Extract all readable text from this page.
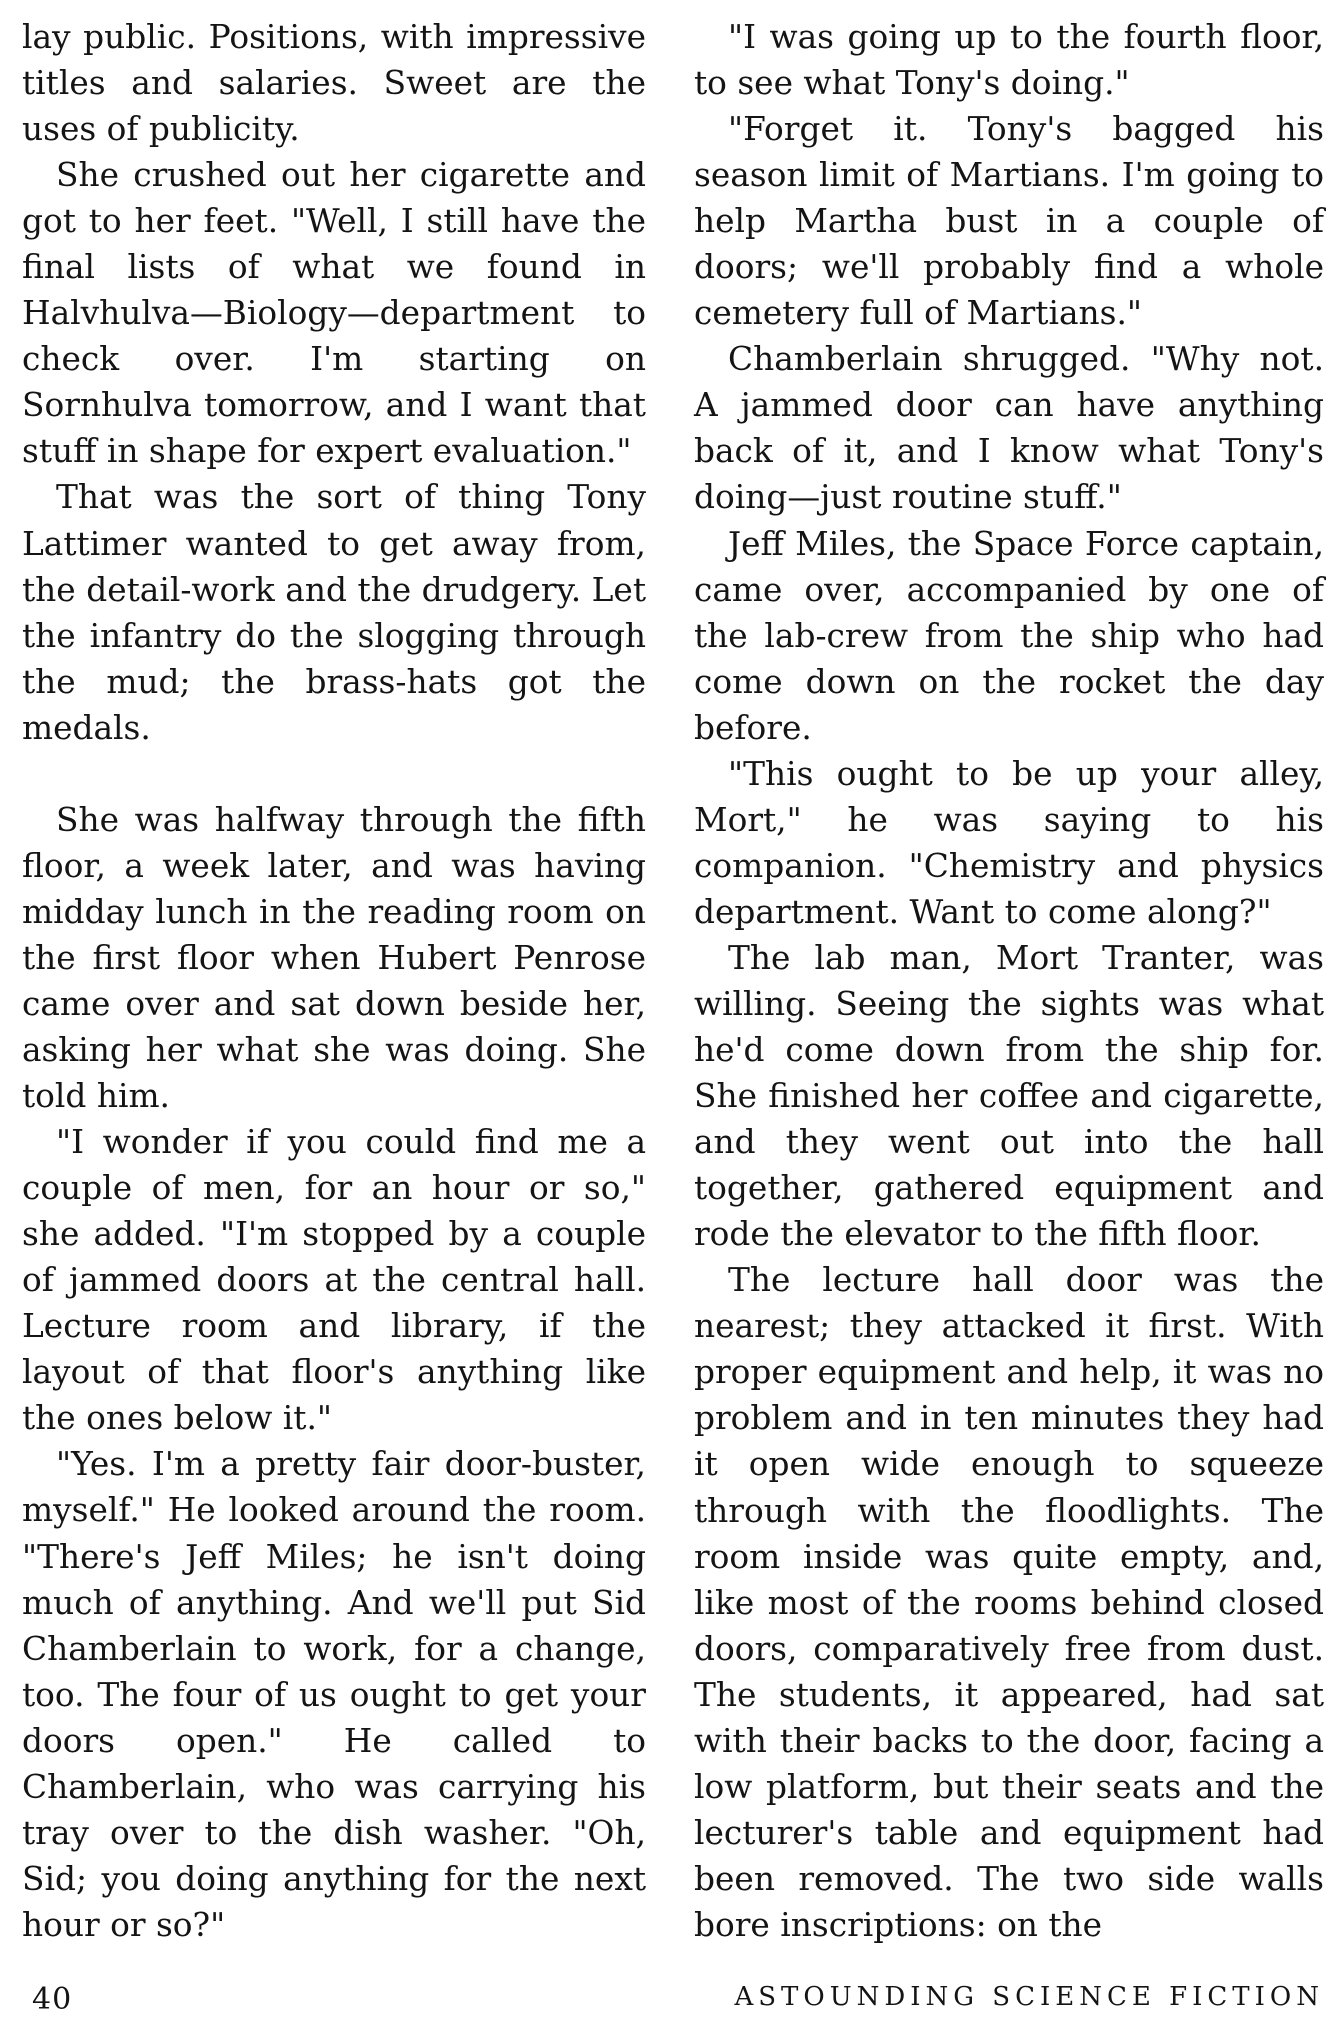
lay public. Positions, with impressive titles and salaries. Sweet are the uses of publicity.

She crushed out her cigarette and got to her feet. "Well, I still have the final lists of what we found in Halvhulva—Biology—department to check over. I'm starting on Sornhulva tomorrow, and I want that stuff in shape for expert evaluation."

That was the sort of thing Tony Lattimer wanted to get away from, the detail-work and the drudgery. Let the infantry do the slogging through the mud; the brass-hats got the medals.

She was halfway through the fifth floor, a week later, and was having midday lunch in the reading room on the first floor when Hubert Penrose came over and sat down beside her, asking her what she was doing. She told him.

"I wonder if you could find me a couple of men, for an hour or so," she added. "I'm stopped by a couple of jammed doors at the central hall. Lecture room and library, if the layout of that floor's anything like the ones below it."

"Yes. I'm a pretty fair door-buster, myself." He looked around the room. "There's Jeff Miles; he isn't doing much of anything. And we'll put Sid Chamberlain to work, for a change, too. The four of us ought to get your doors open." He called to Chamberlain, who was carrying his tray over to the dish washer. "Oh, Sid; you doing anything for the next hour or so?"

"I was going up to the fourth floor, to see what Tony's doing."

"Forget it. Tony's bagged his season limit of Martians. I'm going to help Martha bust in a couple of doors; we'll probably find a whole cemetery full of Martians."

Chamberlain shrugged. "Why not. A jammed door can have anything back of it, and I know what Tony's doing—just routine stuff."

Jeff Miles, the Space Force captain, came over, accompanied by one of the lab-crew from the ship who had come down on the rocket the day before.

"This ought to be up your alley, Mort," he was saying to his companion. "Chemistry and physics department. Want to come along?"

The lab man, Mort Tranter, was willing. Seeing the sights was what he'd come down from the ship for. She finished her coffee and cigarette, and they went out into the hall together, gathered equipment and rode the elevator to the fifth floor.

The lecture hall door was the nearest; they attacked it first. With proper equipment and help, it was no problem and in ten minutes they had it open wide enough to squeeze through with the floodlights. The room inside was quite empty, and, like most of the rooms behind closed doors, comparatively free from dust. The students, it appeared, had sat with their backs to the door, facing a low platform, but their seats and the lecturer's table and equipment had been removed. The two side walls bore inscriptions: on the

40	ASTOUNDING SCIENCE FICTION
